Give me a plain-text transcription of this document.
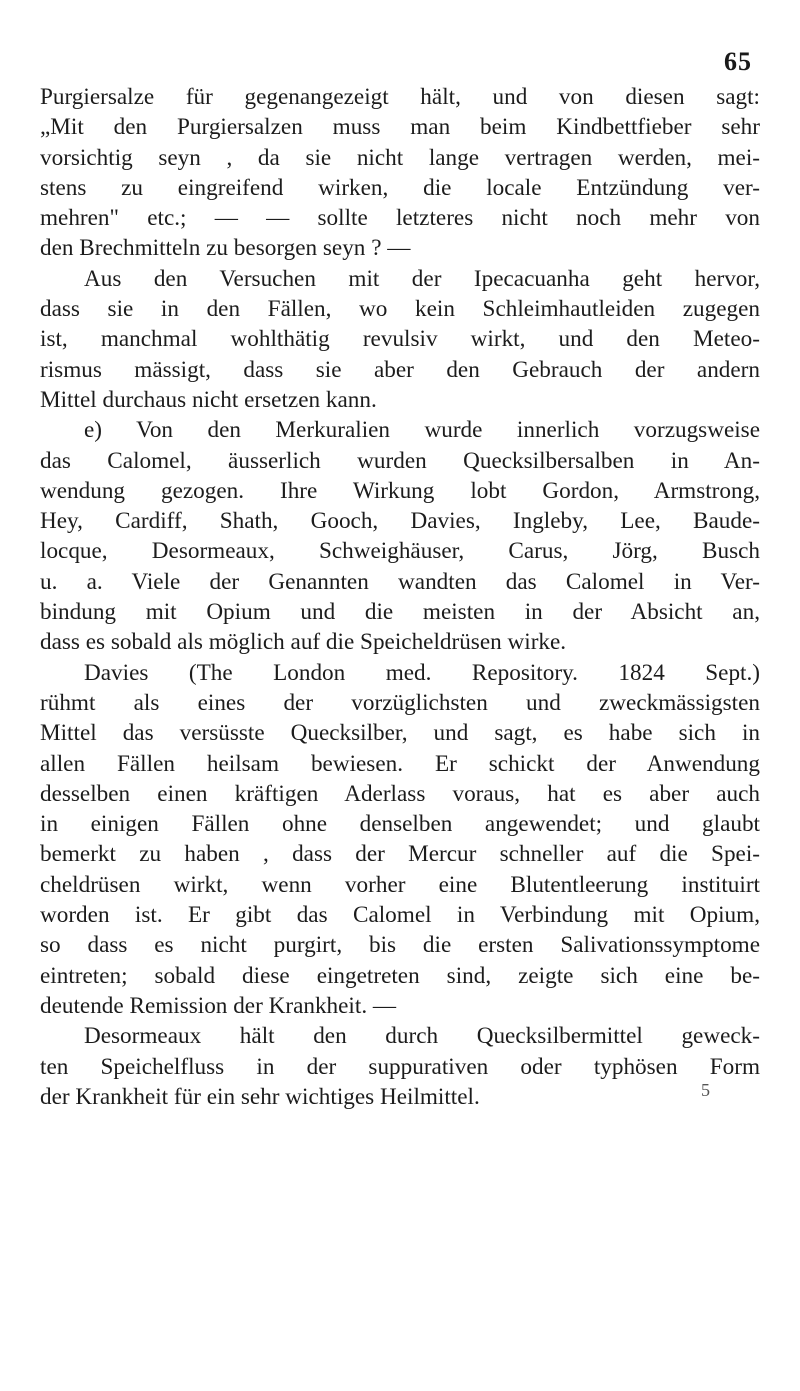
65
Purgiersalze für gegenangezeigt hält, und von diesen sagt:
„Mit den Purgiersalzen muss man beim Kindbettfieber sehr
vorsichtig seyn , da sie nicht lange vertragen werden, mei-
stens zu eingreifend wirken, die locale Entzündung ver-
mehren" etc.; — — sollte letzteres nicht noch mehr von
den Brechmitteln zu besorgen seyn ? —
Aus den Versuchen mit der Ipecacuanha geht hervor,
dass sie in den Fällen, wo kein Schleimhautleiden zugegen
ist, manchmal wohlthätig revulsiv wirkt, und den Meteo-
rismus mässigt, dass sie aber den Gebrauch der andern
Mittel durchaus nicht ersetzen kann.
e) Von den Merkuralien wurde innerlich vorzugsweise
das Calomel, äusserlich wurden Quecksilbersalben in An-
wendung gezogen. Ihre Wirkung lobt Gordon, Armstrong,
Hey, Cardiff, Shath, Gooch, Davies, Ingleby, Lee, Baude-
locque, Desormeaux, Schweighäuser, Carus, Jörg, Busch
u. a. Viele der Genannten wandten das Calomel in Ver-
bindung mit Opium und die meisten in der Absicht an,
dass es sobald als möglich auf die Speicheldrüsen wirke.
Davies (The London med. Repository. 1824 Sept.)
rühmt als eines der vorzüglichsten und zweckmässigsten
Mittel das versüsste Quecksilber, und sagt, es habe sich in
allen Fällen heilsam bewiesen. Er schickt der Anwendung
desselben einen kräftigen Aderlass voraus, hat es aber auch
in einigen Fällen ohne denselben angewendet; und glaubt
bemerkt zu haben , dass der Mercur schneller auf die Spei-
cheldrüsen wirkt, wenn vorher eine Blutentleerung instituirt
worden ist. Er gibt das Calomel in Verbindung mit Opium,
so dass es nicht purgirt, bis die ersten Salivationssymptome
eintreten; sobald diese eingetreten sind, zeigte sich eine be-
deutende Remission der Krankheit. —
Desormeaux hält den durch Quecksilbermittel geweck-
ten Speichelfluss in der suppurativen oder typhösen Form
der Krankheit für ein sehr wichtiges Heilmittel.	5
